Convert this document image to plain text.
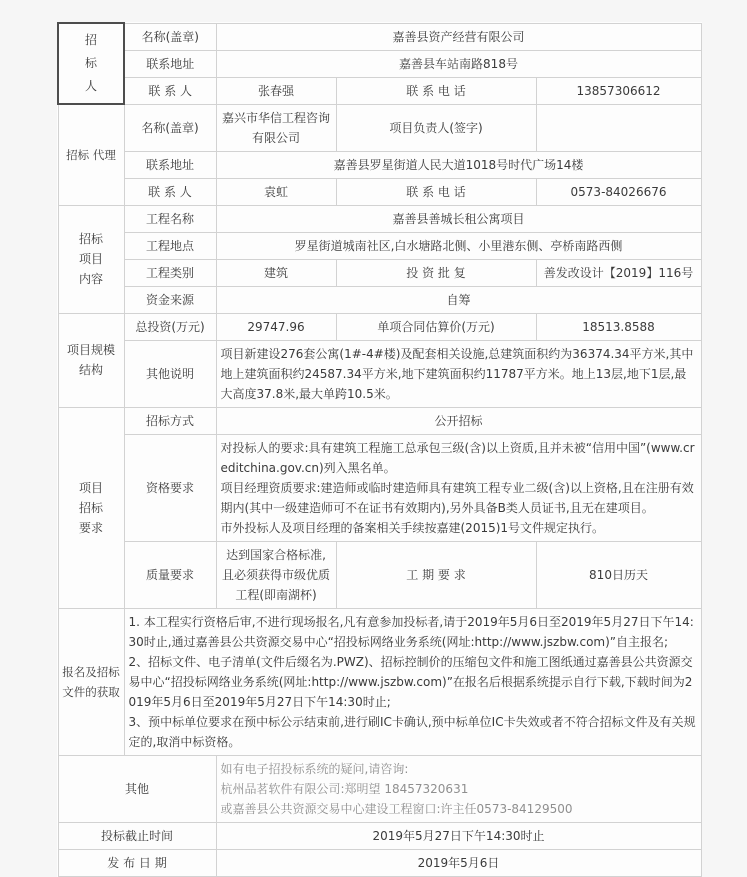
招标人	名称(盖章)	嘉善县资产经营有限公司		
	联系地址	嘉善县车站南路818号		
	联 系 人	张春强	联 系 电 话	13857306612
招标 代理	名称(盖章)	嘉兴市华信工程咨询有限公司	项目负责人(签字)	
	联系地址	嘉善县罗星街道人民大道1018号时代广场14楼		
	联 系 人	袁虹	联 系 电 话	0573-84026676
招标项目内容	工程名称	嘉善县善城长租公寓项目		
	工程地点	罗星街道城南社区,白水塘路北侧、小里港东侧、亭桥南路西侧		
	工程类别	建筑	投 资 批 复	善发改设计【2019】116号
	资金来源	自筹		
项目规模结构	总投资(万元)	29747.96	单项合同估算价(万元)	18513.8588
	其他说明	项目新建设276套公寓(1#-4#楼)及配套相关设施,总建筑面积约为36374.34平方米,其中地上建筑面积约24587.34平方米,地下建筑面积约11787平方米。地上13层,地下1层,最大高度37.8米,最大单跨10.5米。		
项目招标要求	招标方式	公开招标		
	资格要求	对投标人的要求:具有建筑工程施工总承包三级(含)以上资质,且并未被“信用中国”(www.creditchina.gov.cn)列入黑名单。

项目经理资质要求:建造师或临时建造师具有建筑工程专业二级(含)以上资格,且在注册有效期内(其中一级建造师可不在证书有效期内),另外具备B类人员证书,且无在建项目。

市外投标人及项目经理的备案相关手续按嘉建(2015)1号文件规定执行。		

	质量要求	达到国家合格标准,且必须获得市级优质工程(即南湖杯)	工 期 要 求	810日历天
报名及招标文件的获取	1. 本工程实行资格后审,不进行现场报名,凡有意参加投标者,请于2019年5月6日至2019年5月27日下午14:30时止,通过嘉善县公共资源交易中心“招投标网络业务系统(网址:http://www.jszbw.com)”自主报名;

2、招标文件、电子清单(文件后缀名为.PWZ)、招标控制价的压缩包文件和施工图纸通过嘉善县公共资源交易中心“招投标网络业务系统(网址:http://www.jszbw.com)”在报名后根据系统提示自行下载,下载时间为2019年5月6日至2019年5月27日下午14:30时止;

3、预中标单位要求在预中标公示结束前,进行刷IC卡确认,预中标单位IC卡失效或者不符合招标文件及有关规定的,取消中标资格。			

其他		如有电子招投标系统的疑问,请咨询:

杭州品茗软件有限公司:郑明望 18457320631

或嘉善县公共资源交易中心建设工程窗口:许主任0573-84129500		

投标截止时间		2019年5月27日下午14:30时止		
发 布 日 期		2019年5月6日		
